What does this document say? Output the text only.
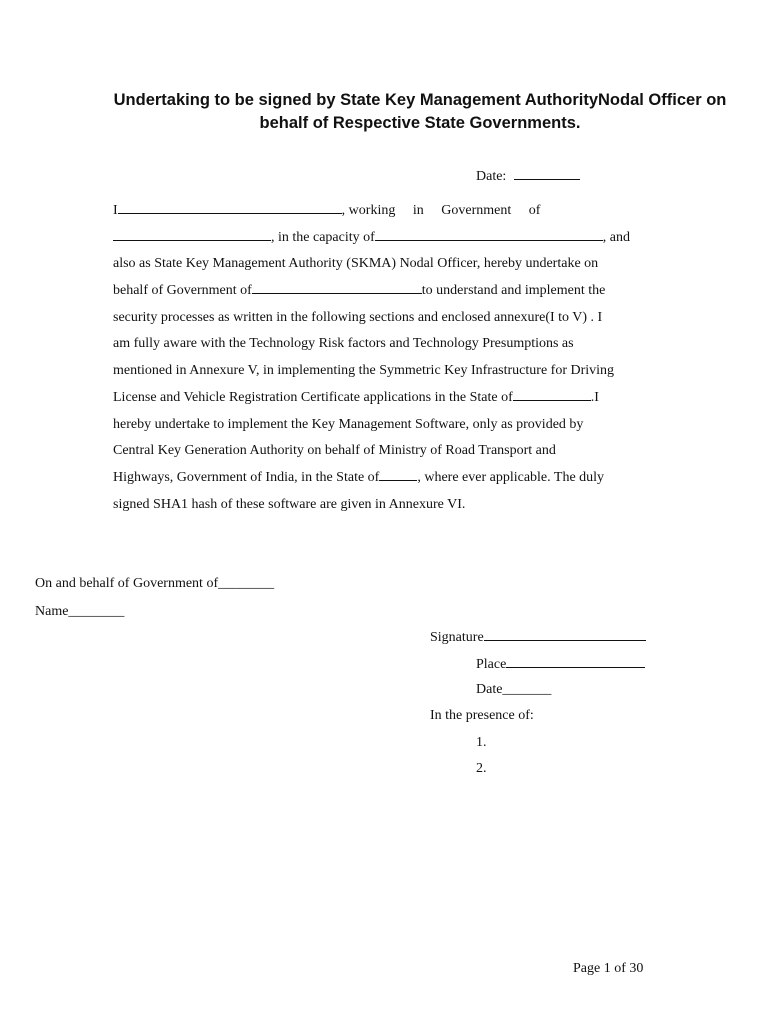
Undertaking to be signed by State Key Management AuthorityNodal Officer on
behalf of Respective State Governments.
Date:
I	, working in Government of
, in the capacity of	, and
also as State Key Management Authority (SKMA) Nodal Officer, hereby undertake on
behalf of Government of	to understand and implement the
security processes as written in the following sections and enclosed annexure(I to V) . I
am fully aware with the Technology Risk factors and Technology Presumptions as
mentioned in Annexure V, in implementing the Symmetric Key Infrastructure for Driving
License and Vehicle Registration Certificate applications in the State of	.I
hereby undertake to implement the Key Management Software, only as provided by
Central Key Generation Authority on behalf of Ministry of Road Transport and
Highways, Government of India, in the State of	, where ever applicable. The duly
signed SHA1 hash of these software are given in Annexure VI.
On and behalf of Government of________
Name________
Signature
Place
Date_______
In the presence of:
1.
2.
Page 1 of 30
